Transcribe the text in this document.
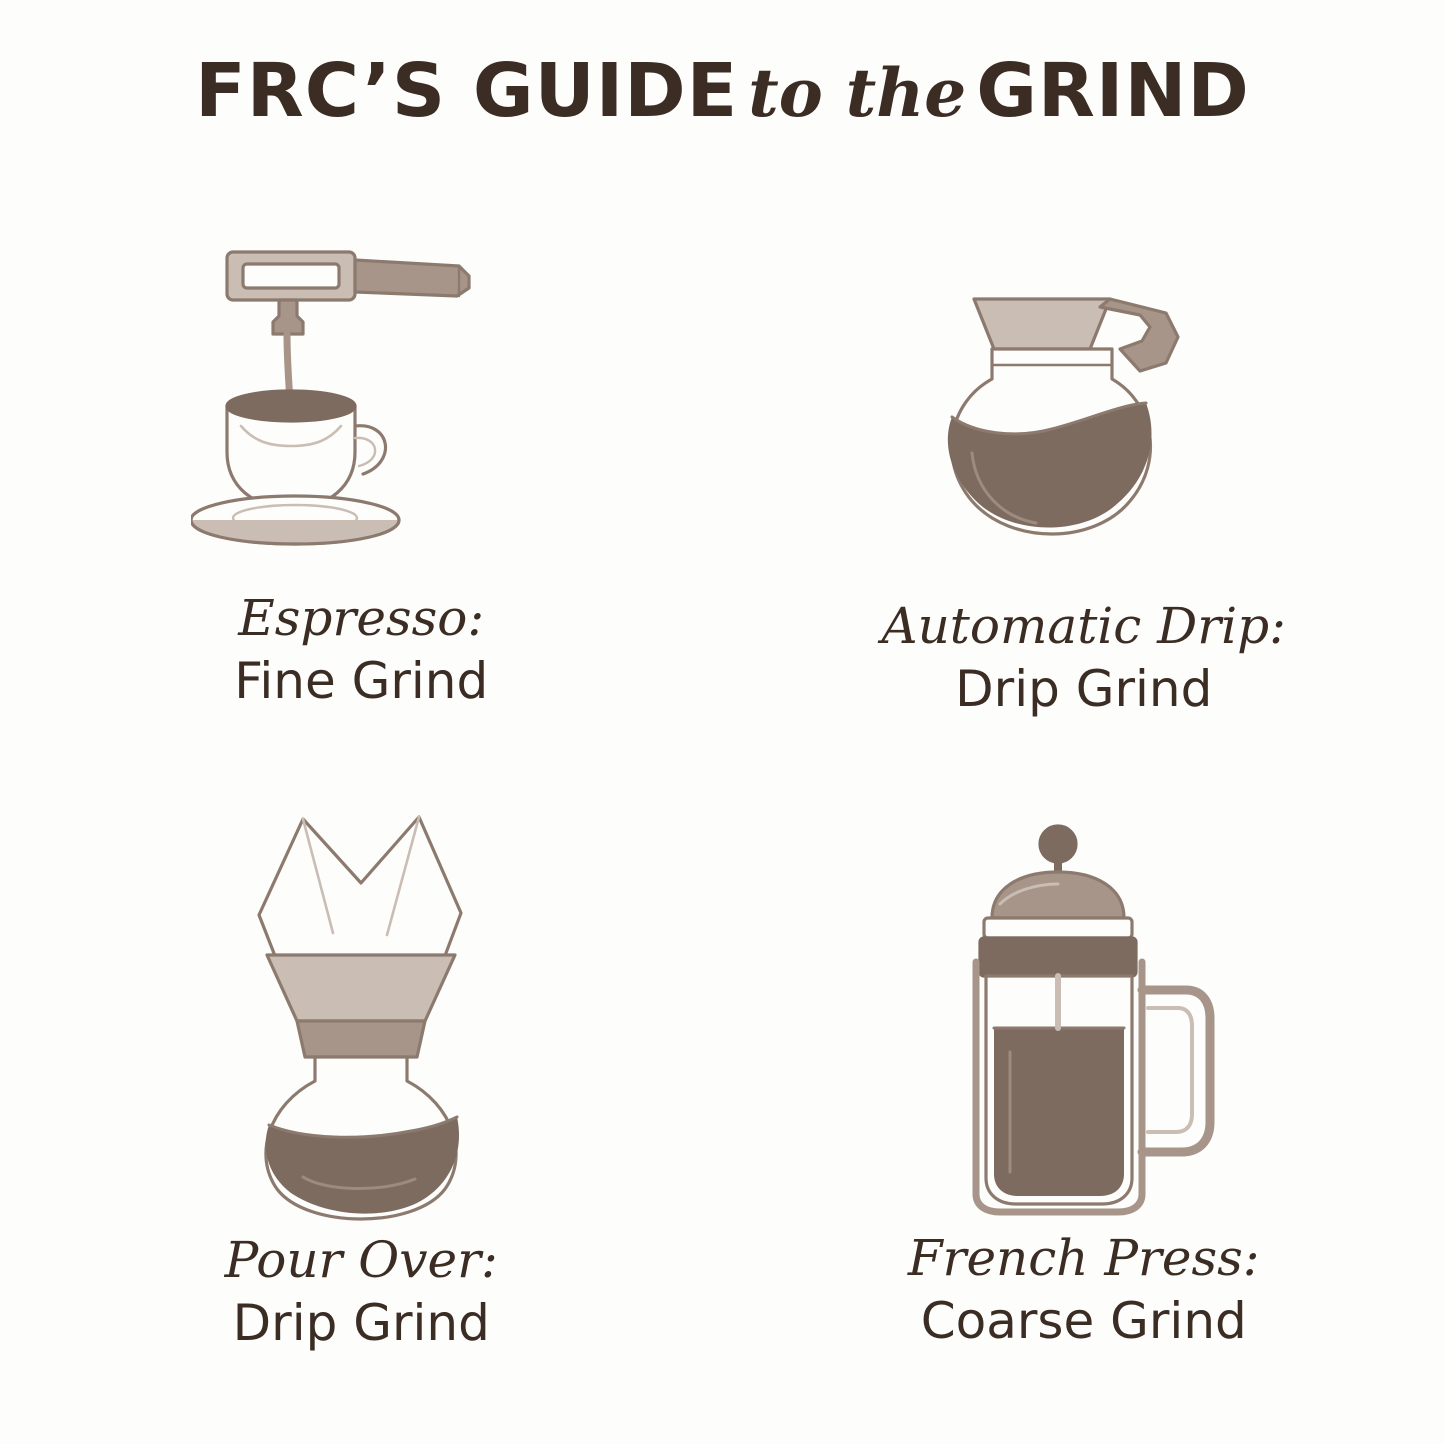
FRC’S GUIDE to the GRIND
Espresso:
Fine Grind
Automatic Drip:
Drip Grind
Pour Over:
Drip Grind
French Press:
Coarse Grind
